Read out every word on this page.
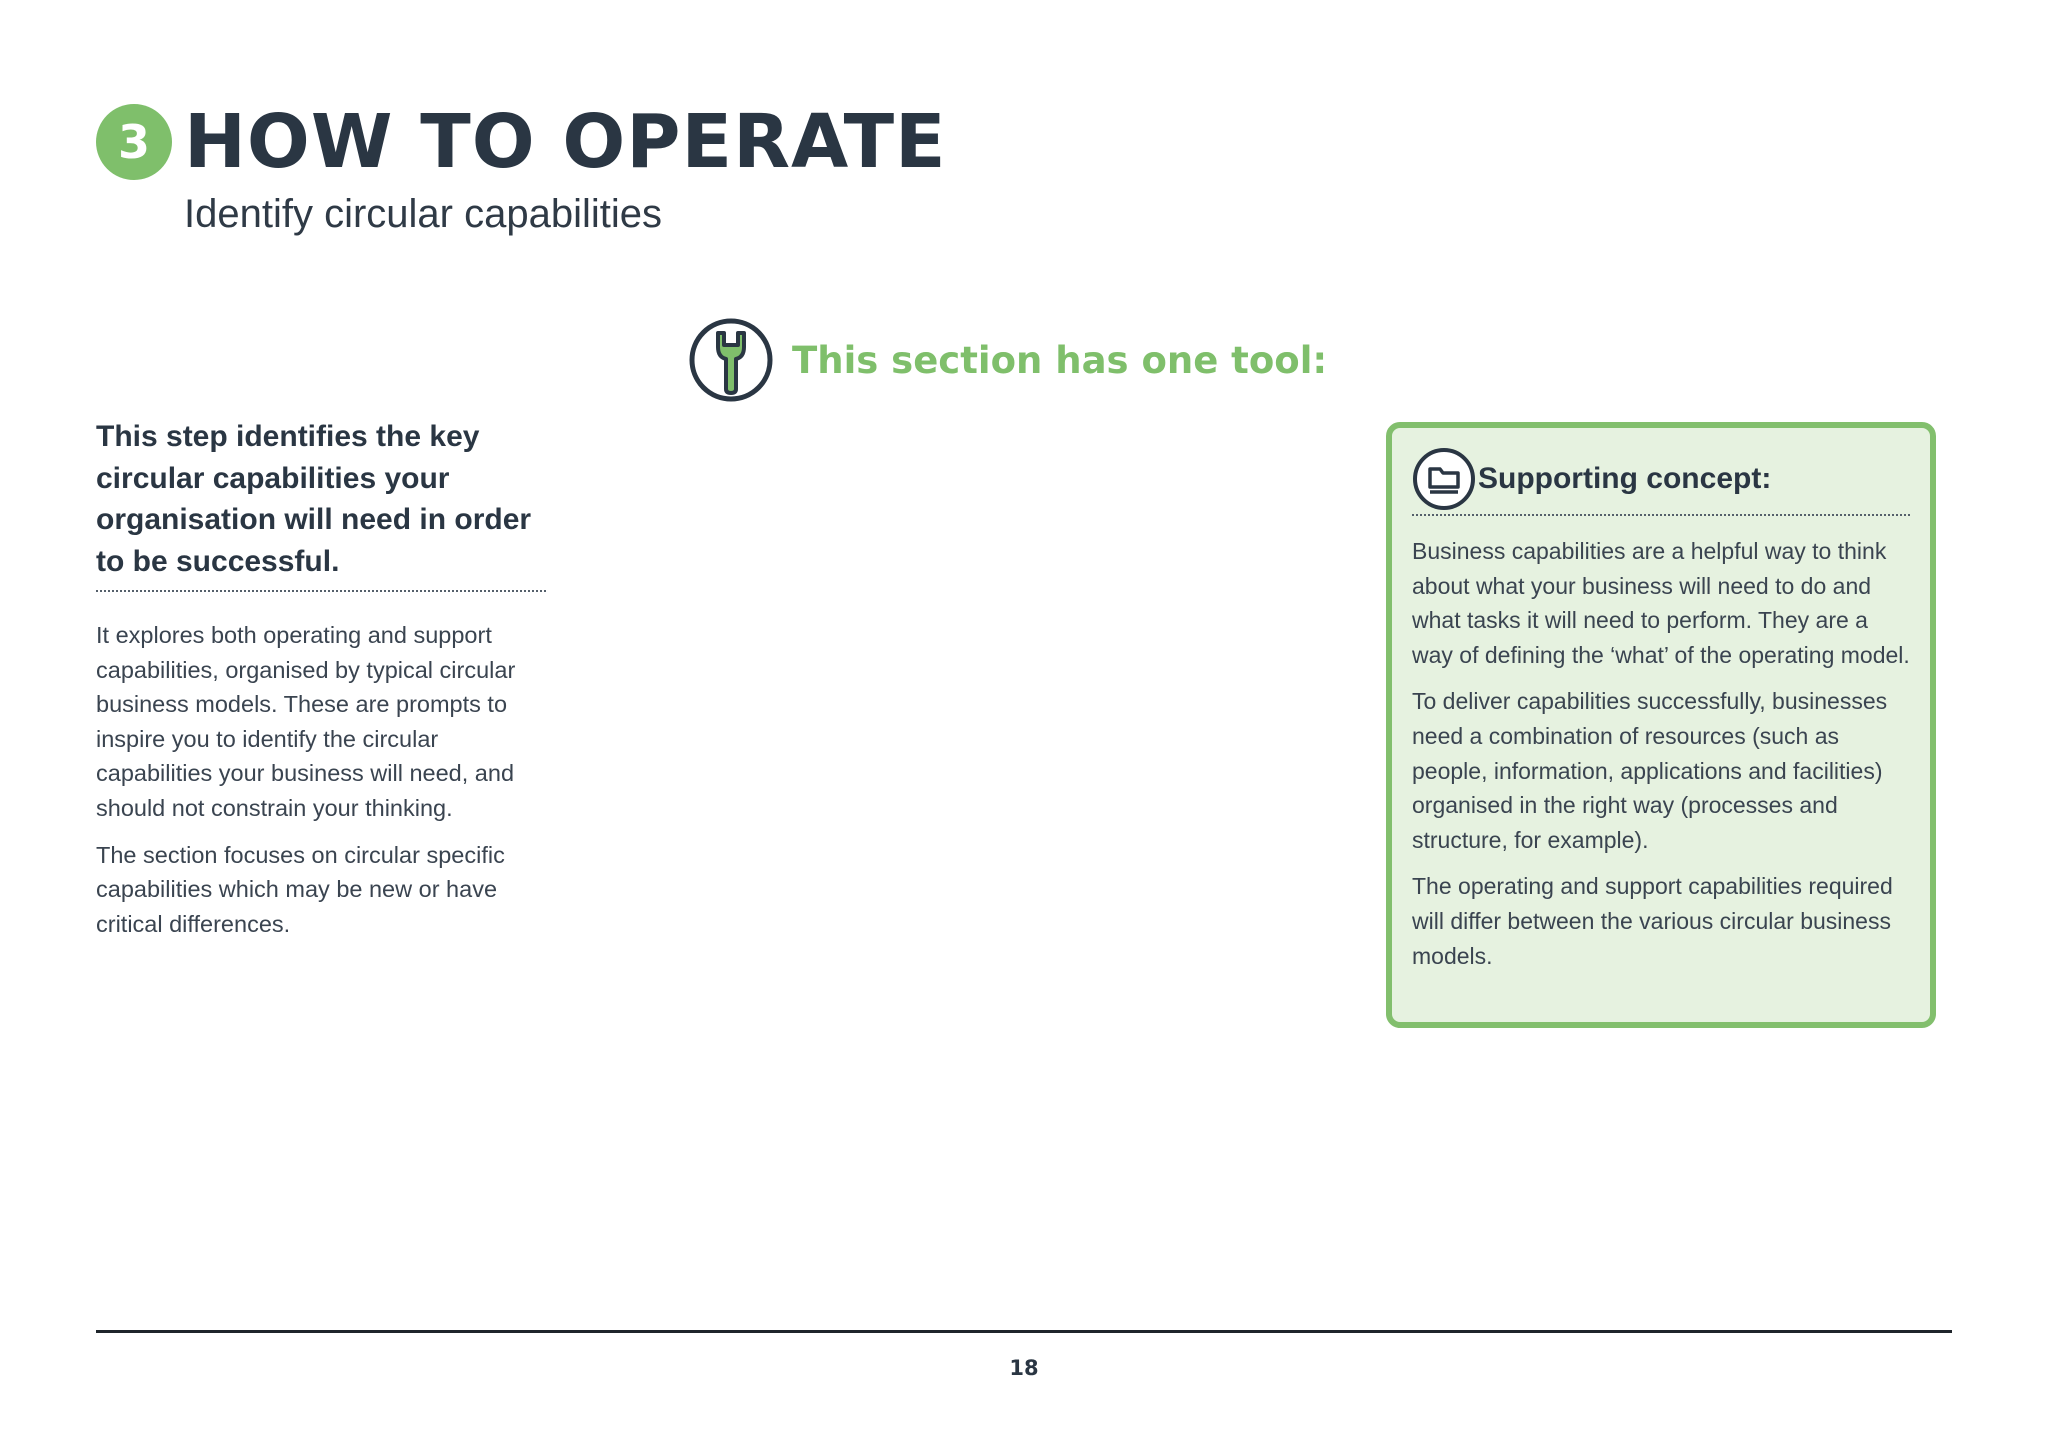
3 HOW TO OPERATE
Identify circular capabilities
This section has one tool:

This step identifies the key circular capabilities your organisation will need in order to be successful.

It explores both operating and support capabilities, organised by typical circular business models. These are prompts to inspire you to identify the circular capabilities your business will need, and should not constrain your thinking.

The section focuses on circular specific capabilities which may be new or have critical differences.

Supporting concept:

Business capabilities are a helpful way to think about what your business will need to do and what tasks it will need to perform. They are a way of defining the ‘what’ of the operating model.

To deliver capabilities successfully, businesses need a combination of resources (such as people, information, applications and facilities) organised in the right way (processes and structure, for example).

The operating and support capabilities required will differ between the various circular business models.

18
